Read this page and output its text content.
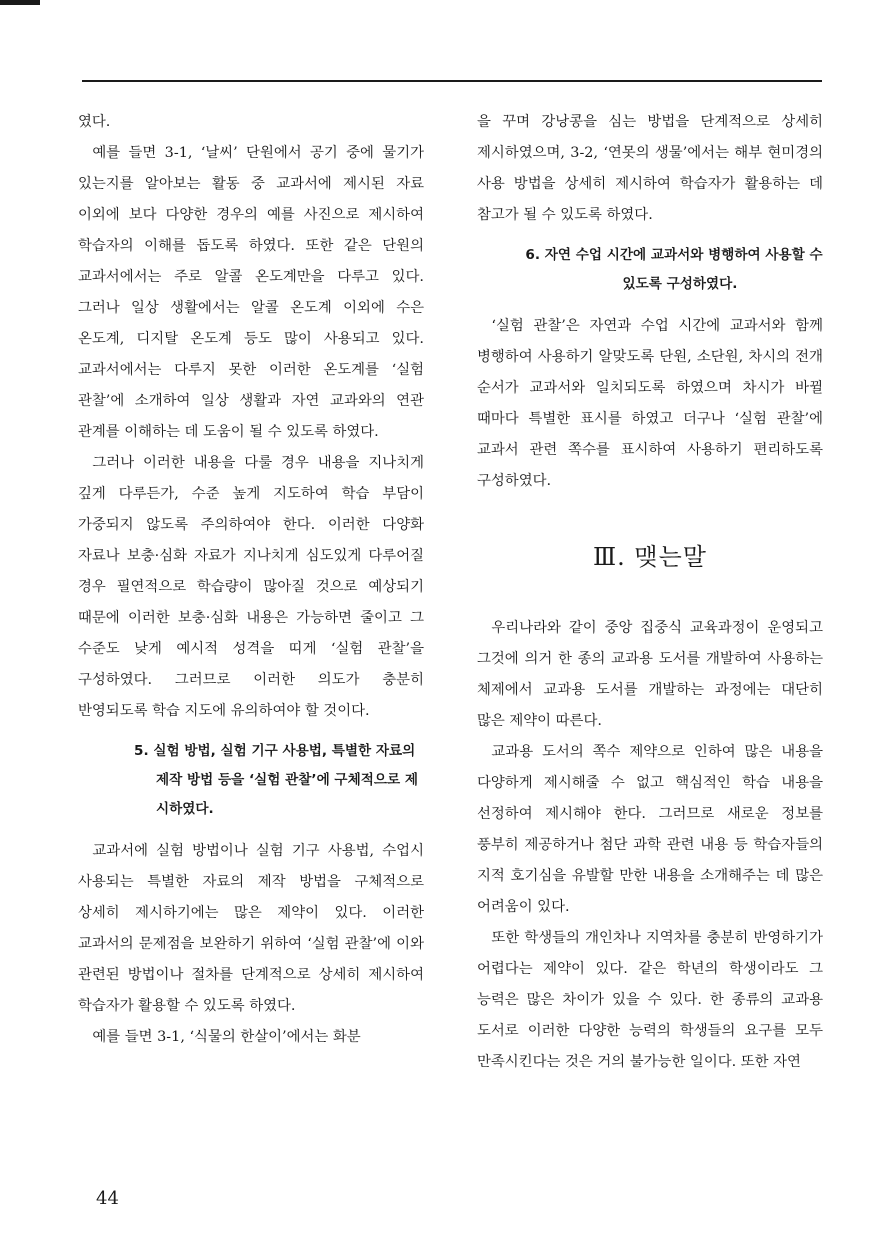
였다.

예를 들면 3-1, ‘날씨’ 단원에서 공기 중에 물기가 있는지를 알아보는 활동 중 교과서에 제시된 자료 이외에 보다 다양한 경우의 예를 사진으로 제시하여 학습자의 이해를 돕도록 하였다. 또한 같은 단원의 교과서에서는 주로 알콜 온도계만을 다루고 있다. 그러나 일상 생활에서는 알콜 온도계 이외에 수은 온도계, 디지탈 온도계 등도 많이 사용되고 있다. 교과서에서는 다루지 못한 이러한 온도계를 ‘실험 관찰’에 소개하여 일상 생활과 자연 교과와의 연관 관계를 이해하는 데 도움이 될 수 있도록 하였다.

그러나 이러한 내용을 다룰 경우 내용을 지나치게 깊게 다루든가, 수준 높게 지도하여 학습 부담이 가중되지 않도록 주의하여야 한다. 이러한 다양화 자료나 보충·심화 자료가 지나치게 심도있게 다루어질 경우 필연적으로 학습량이 많아질 것으로 예상되기 때문에 이러한 보충·심화 내용은 가능하면 줄이고 그 수준도 낮게 예시적 성격을 띠게 ‘실험 관찰’을 구성하였다. 그러므로 이러한 의도가 충분히 반영되도록 학습 지도에 유의하여야 할 것이다.

5. 실험 방법, 실험 기구 사용법, 특별한 자료의 제작 방법 등을 ‘실험 관찰’에 구체적으로 제시하였다.

교과서에 실험 방법이나 실험 기구 사용법, 수업시 사용되는 특별한 자료의 제작 방법을 구체적으로 상세히 제시하기에는 많은 제약이 있다. 이러한 교과서의 문제점을 보완하기 위하여 ‘실험 관찰’에 이와 관련된 방법이나 절차를 단계적으로 상세히 제시하여 학습자가 활용할 수 있도록 하였다.

예를 들면 3-1, ‘식물의 한살이’에서는 화분

을 꾸며 강낭콩을 심는 방법을 단계적으로 상세히 제시하였으며, 3-2, ‘연못의 생물’에서는 해부 현미경의 사용 방법을 상세히 제시하여 학습자가 활용하는 데 참고가 될 수 있도록 하였다.

6. 자연 수업 시간에 교과서와 병행하여 사용할 수 있도록 구성하였다.

‘실험 관찰’은 자연과 수업 시간에 교과서와 함께 병행하여 사용하기 알맞도록 단원, 소단원, 차시의 전개 순서가 교과서와 일치되도록 하였으며 차시가 바뀔 때마다 특별한 표시를 하였고 더구나 ‘실험 관찰’에 교과서 관련 쪽수를 표시하여 사용하기 편리하도록 구성하였다.

Ⅲ. 맺는말

우리나라와 같이 중앙 집중식 교육과정이 운영되고 그것에 의거 한 종의 교과용 도서를 개발하여 사용하는 체제에서 교과용 도서를 개발하는 과정에는 대단히 많은 제약이 따른다.

교과용 도서의 쪽수 제약으로 인하여 많은 내용을 다양하게 제시해줄 수 없고 핵심적인 학습 내용을 선정하여 제시해야 한다. 그러므로 새로운 정보를 풍부히 제공하거나 첨단 과학 관련 내용 등 학습자들의 지적 호기심을 유발할 만한 내용을 소개해주는 데 많은 어려움이 있다.

또한 학생들의 개인차나 지역차를 충분히 반영하기가 어렵다는 제약이 있다. 같은 학년의 학생이라도 그 능력은 많은 차이가 있을 수 있다. 한 종류의 교과용 도서로 이러한 다양한 능력의 학생들의 요구를 모두 만족시킨다는 것은 거의 불가능한 일이다. 또한 자연

44
